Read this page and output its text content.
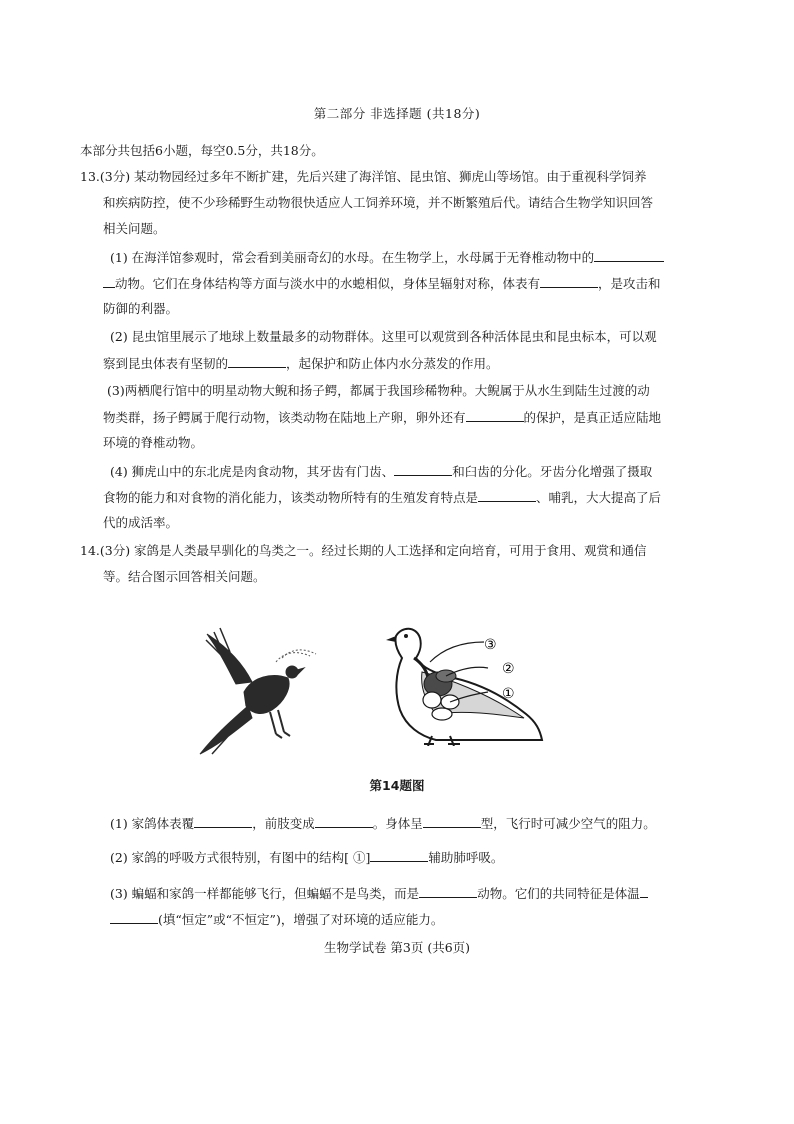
第二部分 非选择题 (共18分)
本部分共包括6小题，每空0.5分，共18分。
13.(3分) 某动物园经过多年不断扩建，先后兴建了海洋馆、昆虫馆、狮虎山等场馆。由于重视科学饲养
和疾病防控，使不少珍稀野生动物很快适应人工饲养环境，并不断繁殖后代。请结合生物学知识回答
相关问题。
(1) 在海洋馆参观时，常会看到美丽奇幻的水母。在生物学上，水母属于无脊椎动物中的
动物。它们在身体结构等方面与淡水中的水螅相似，身体呈辐射对称，体表有	，是攻击和
防御的利器。
(2) 昆虫馆里展示了地球上数量最多的动物群体。这里可以观赏到各种活体昆虫和昆虫标本，可以观
察到昆虫体表有坚韧的	，起保护和防止体内水分蒸发的作用。
(3)两栖爬行馆中的明星动物大鲵和扬子鳄，都属于我国珍稀物种。大鲵属于从水生到陆生过渡的动
物类群，扬子鳄属于爬行动物，该类动物在陆地上产卵，卵外还有	的保护，是真正适应陆地
环境的脊椎动物。
(4) 狮虎山中的东北虎是肉食动物，其牙齿有门齿、	和臼齿的分化。牙齿分化增强了摄取
食物的能力和对食物的消化能力，该类动物所特有的生殖发育特点是	、哺乳，大大提高了后
代的成活率。
14.(3分) 家鸽是人类最早驯化的鸟类之一。经过长期的人工选择和定向培育，可用于食用、观赏和通信
等。结合图示回答相关问题。
③
②
①
第14题图
(1) 家鸽体表覆	，前肢变成	。身体呈	型，飞行时可减少空气的阻力。
(2) 家鸽的呼吸方式很特别，有图中的结构[ ①]	辅助肺呼吸。
(3) 蝙蝠和家鸽一样都能够飞行，但蝙蝠不是鸟类，而是	动物。它们的共同特征是体温
(填“恒定”或“不恒定”)，增强了对环境的适应能力。
生物学试卷 第3页 (共6页)
